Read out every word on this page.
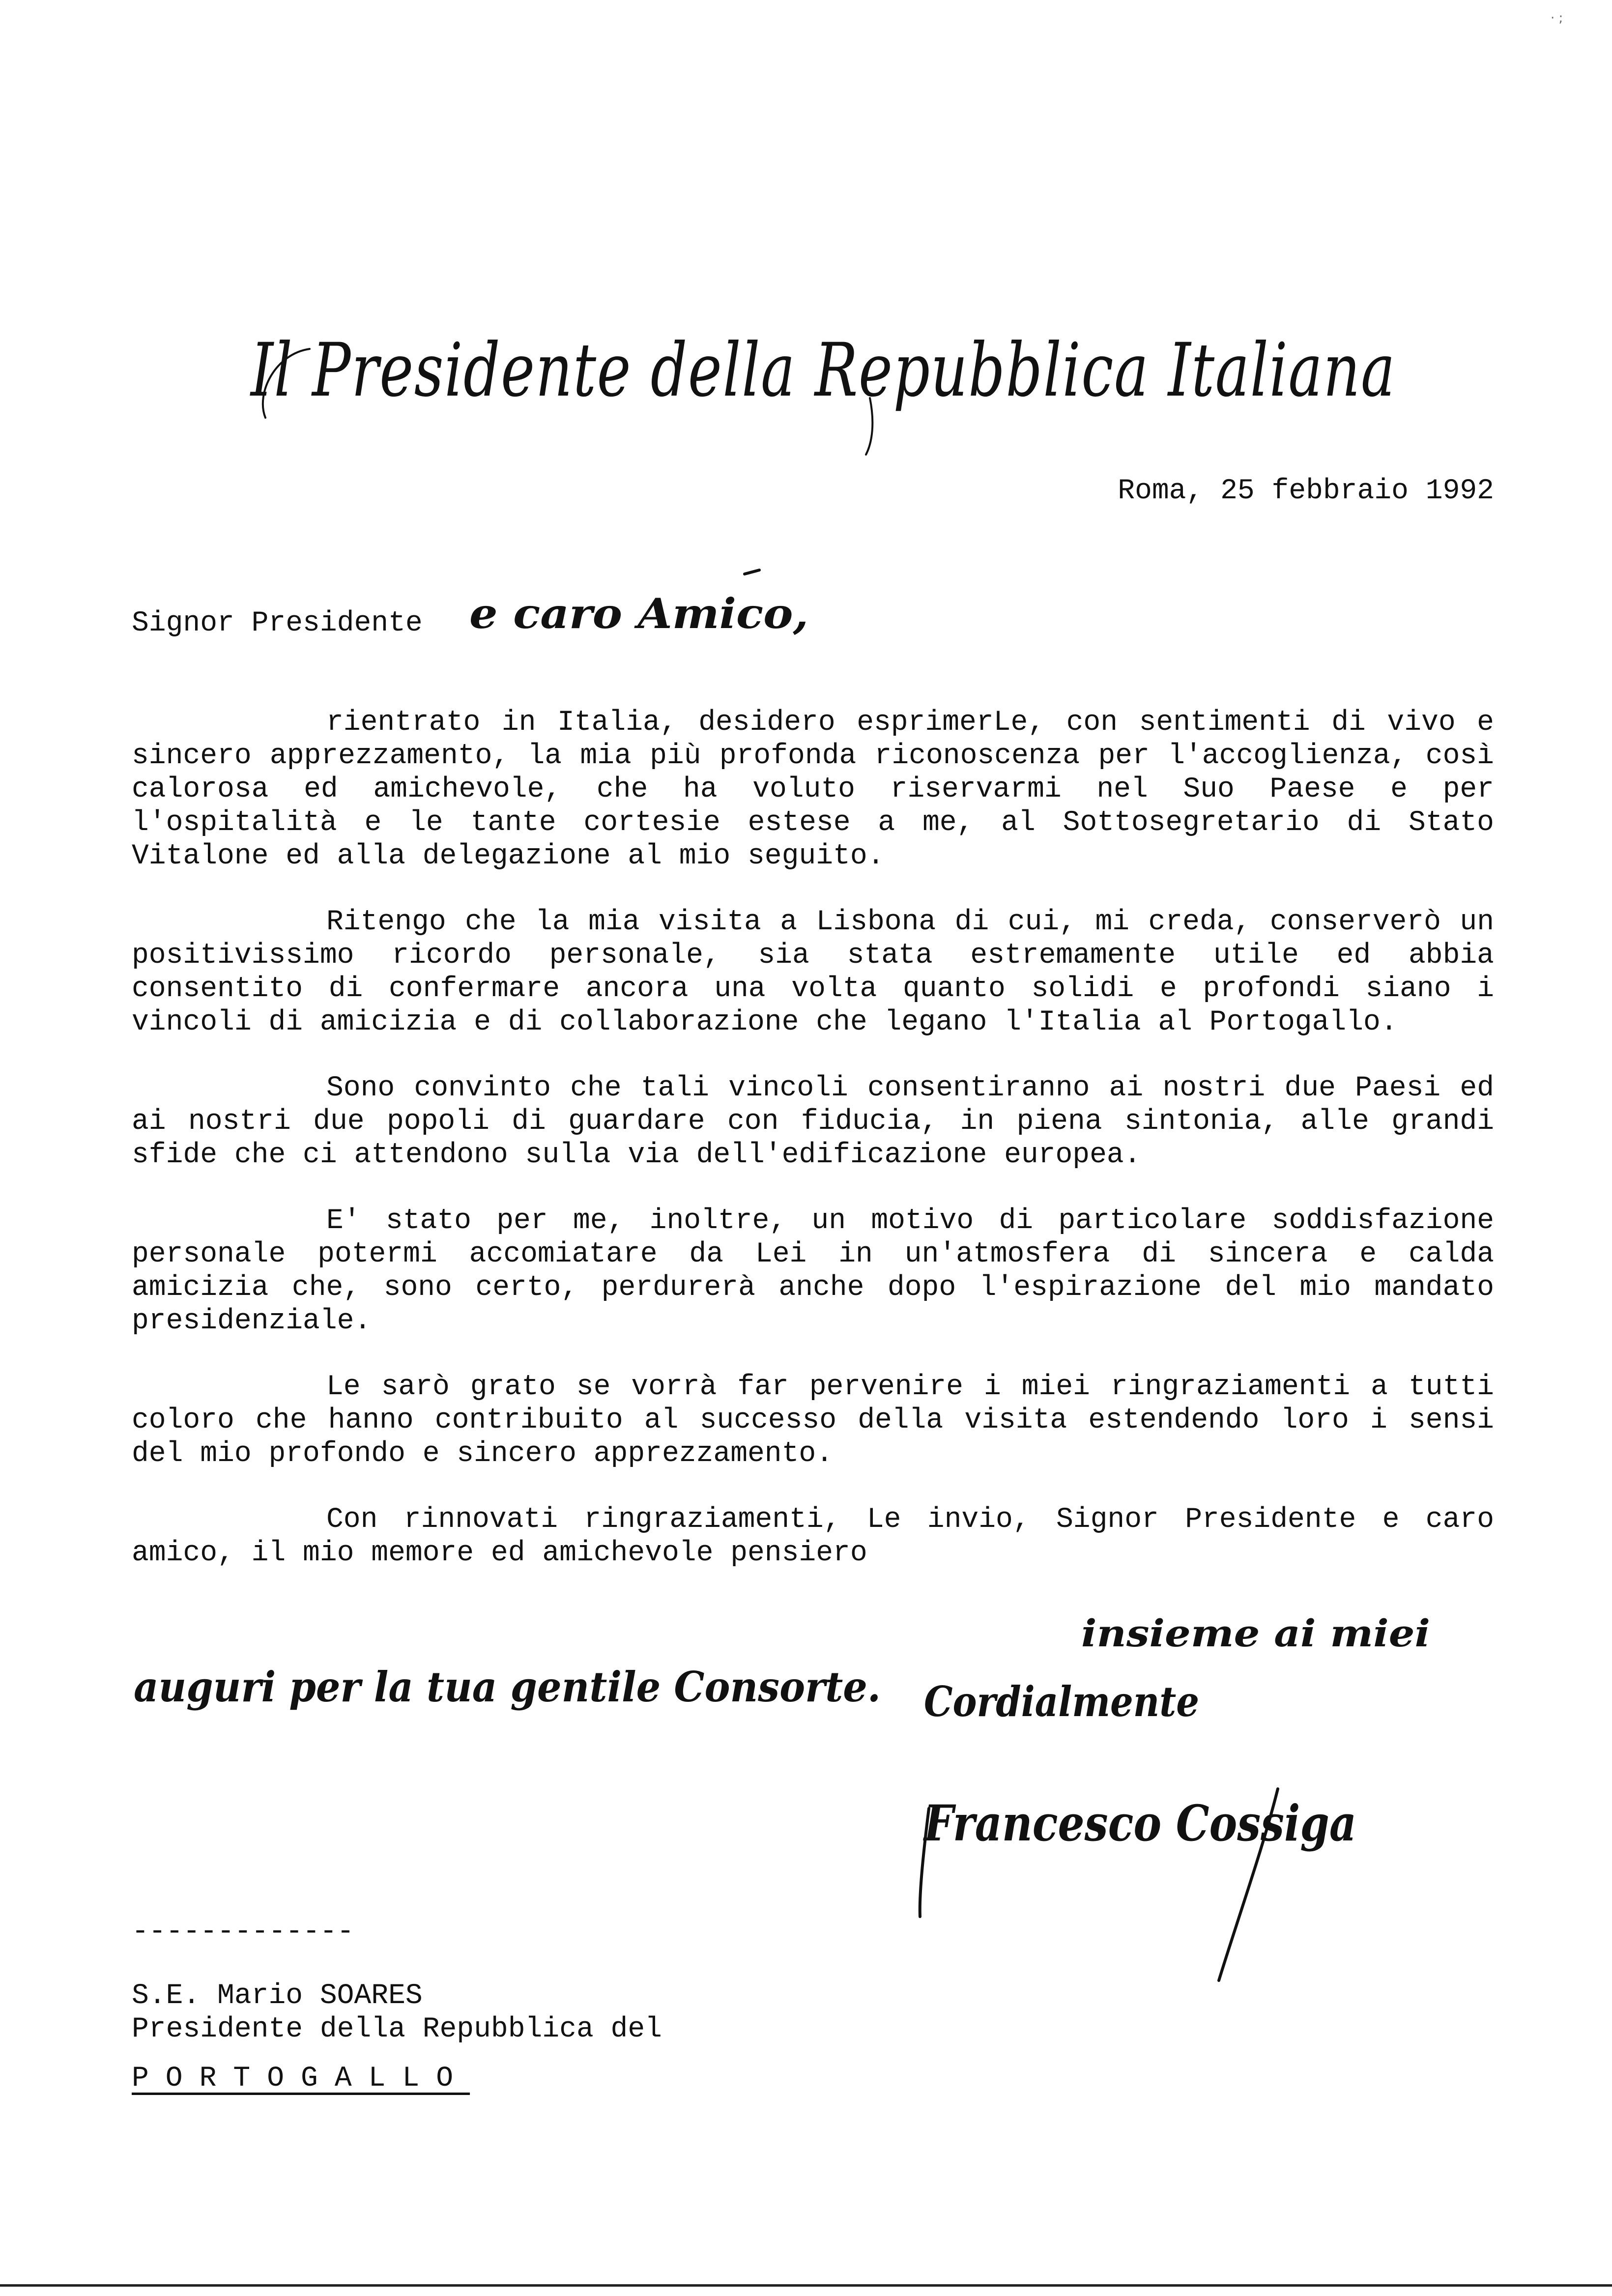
· ;
Il Presidente della Repubblica Italiana
Roma, 25 febbraio 1992
Signor Presidente

rientrato in Italia, desidero esprimerLe, con sentimenti di vivo e sincero apprezzamento, la mia più profonda riconoscenza per l'accoglienza, così calorosa ed amichevole, che ha voluto riservarmi nel Suo Paese e per l'ospitalità e le tante cortesie estese a me, al Sottosegretario di Stato Vitalone ed alla delegazione al mio seguito.

Ritengo che la mia visita a Lisbona di cui, mi creda, conserverò un positivissimo ricordo personale, sia stata estremamente utile ed abbia consentito di confermare ancora una volta quanto solidi e profondi siano i vincoli di amicizia e di collaborazione che legano l'Italia al Portogallo.

Sono convinto che tali vincoli consentiranno ai nostri due Paesi ed ai nostri due popoli di guardare con fiducia, in piena sintonia, alle grandi sfide che ci attendono sulla via dell'edificazione europea.

E' stato per me, inoltre, un motivo di particolare soddisfazione personale potermi accomiatare da Lei in un'atmosfera di sincera e calda amicizia che, sono certo, perdurerà anche dopo l'espirazione del mio mandato presidenziale.

Le sarò grato se vorrà far pervenire i miei ringraziamenti a tutti coloro che hanno contribuito al successo della visita estendendo loro i sensi del mio profondo e sincero apprezzamento.

Con rinnovati ringraziamenti, Le invio, Signor Presidente e caro amico, il mio memore ed amichevole pensiero

e caro Amico,
insieme ai miei
auguri per la tua gentile Consorte. Cordialmente
Francesco Cossiga
-------------
S.E. Mario SOARES
Presidente della Repubblica del
PORTOGALLO
